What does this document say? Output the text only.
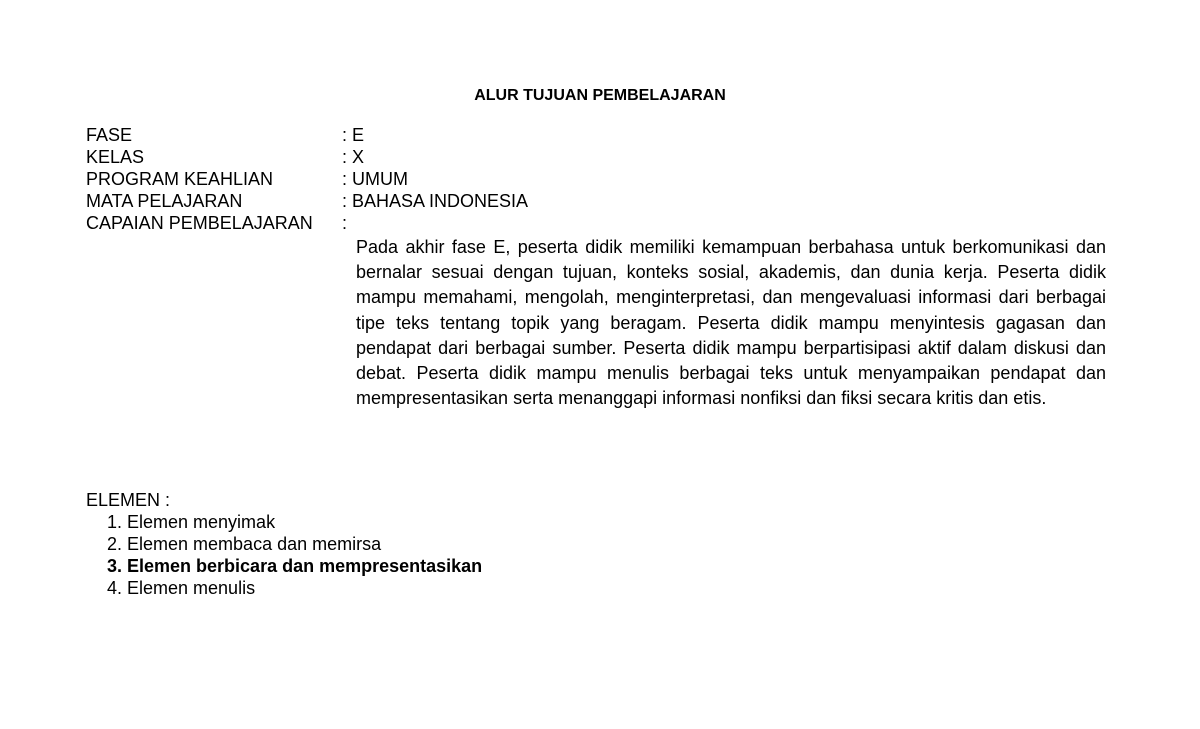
ALUR TUJUAN PEMBELAJARAN
FASE	: E
KELAS	: X
PROGRAM KEAHLIAN	: UMUM
MATA PELAJARAN	: BAHASA INDONESIA
CAPAIAN PEMBELAJARAN	:

Pada akhir fase E, peserta didik memiliki kemampuan berbahasa untuk berkomunikasi dan bernalar sesuai dengan tujuan, konteks sosial, akademis, dan dunia kerja. Peserta didik mampu memahami, mengolah, menginterpretasi, dan mengevaluasi informasi dari berbagai tipe teks tentang topik yang beragam. Peserta didik mampu menyintesis gagasan dan pendapat dari berbagai sumber. Peserta didik mampu berpartisipasi aktif dalam diskusi dan debat. Peserta didik mampu menulis berbagai teks untuk menyampaikan pendapat dan mempresentasikan serta menanggapi informasi nonfiksi dan fiksi secara kritis dan etis.

ELEMEN :
1. Elemen menyimak
2. Elemen membaca dan memirsa
3. Elemen berbicara dan mempresentasikan
4. Elemen menulis
